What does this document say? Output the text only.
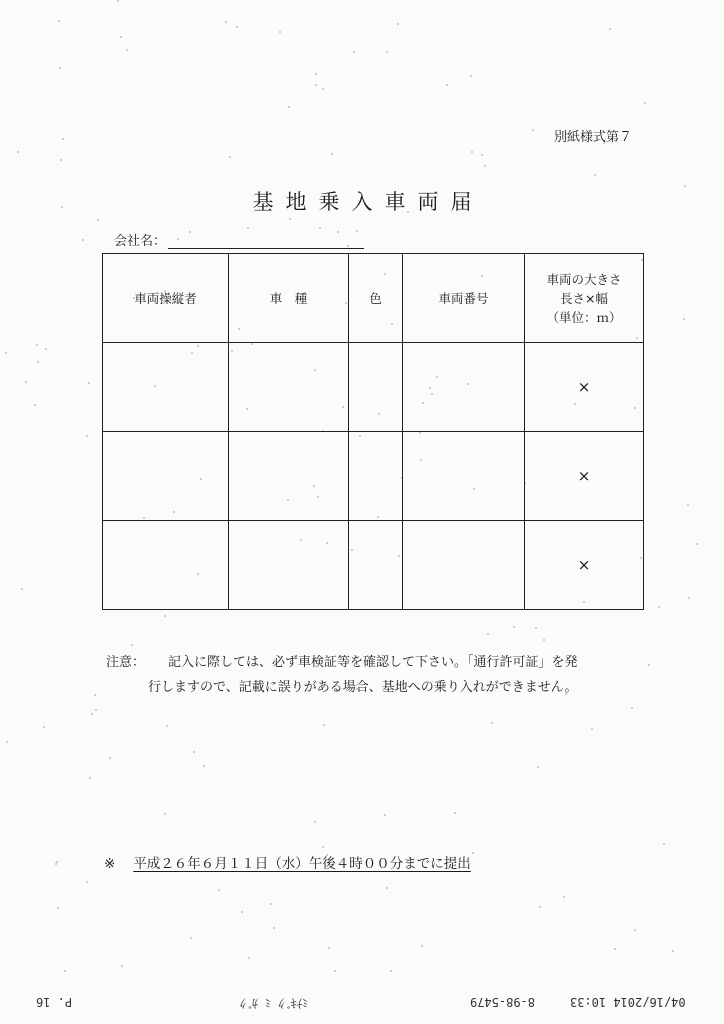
別紙様式第７
基地乗入車両届
会社名：
車両操縦者	車　種	色	車両番号	車両の大きさ
長さ×幅
（単位：ｍ）

				×
				×
				×
注意： 記入に際しては、必ず車検証等を確認して下さい。「通行許可証」を発
行しますので、記載に誤りがある場合、基地への乗り入れができません。
※ 平成２６年６月１１日（水）午後４時００分までに提出
P. 16	ﾐﾅｷﾞｸ ﾐ ｶﾞｸ	8-98-5479	04/16/2014 10:33
